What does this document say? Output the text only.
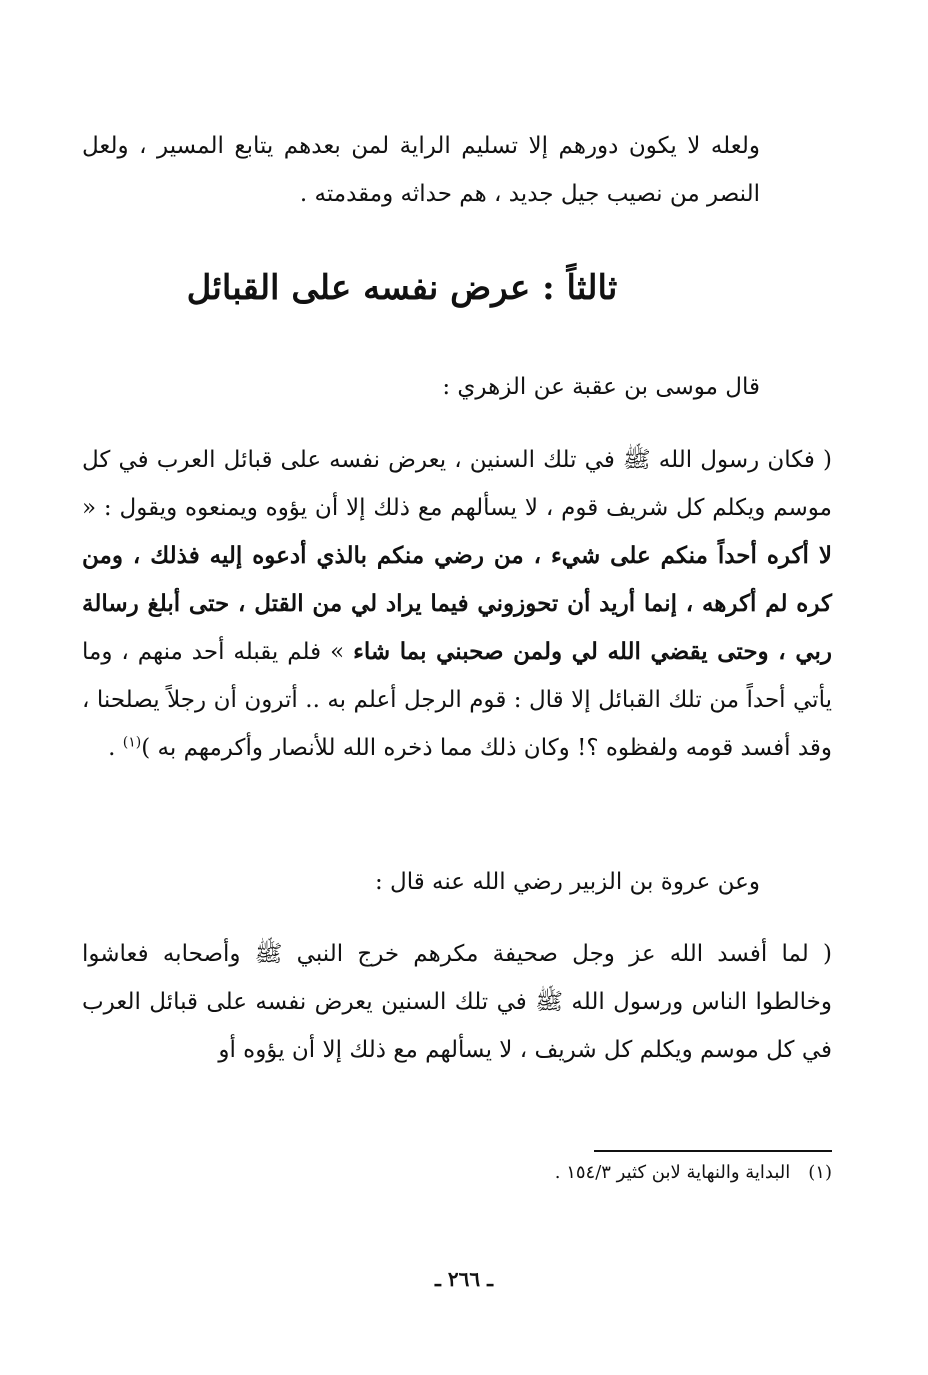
ولعله لا يكون دورهم إلا تسليم الراية لمن بعدهم يتابع المسير ، ولعل النصر من نصيب جيل جديد ، هم حداثه ومقدمته .
ثالثاً : عرض نفسه على القبائل
قال موسى بن عقبة عن الزهري :
( فكان رسول الله ﷺ في تلك السنين ، يعرض نفسه على قبائل العرب في كل موسم ويكلم كل شريف قوم ، لا يسألهم مع ذلك إلا أن يؤوه ويمنعوه ويقول : « لا أكره أحداً منكم على شيء ، من رضي منكم بالذي أدعوه إليه فذلك ، ومن كره لم أكرهه ، إنما أريد أن تحوزوني فيما يراد لي من القتل ، حتى أبلغ رسالة ربي ، وحتى يقضي الله لي ولمن صحبني بما شاء » فلم يقبله أحد منهم ، وما يأتي أحداً من تلك القبائل إلا قال : قوم الرجل أعلم به .. أترون أن رجلاً يصلحنا ، وقد أفسد قومه ولفظوه ؟! وكان ذلك مما ذخره الله للأنصار وأكرمهم به )$^{(١)}$ .
وعن عروة بن الزبير رضي الله عنه قال :
( لما أفسد الله عز وجل صحيفة مكرهم خرج النبي ﷺ وأصحابه فعاشوا وخالطوا الناس ورسول الله ﷺ في تلك السنين يعرض نفسه على قبائل العرب في كل موسم ويكلم كل شريف ، لا يسألهم مع ذلك إلا أن يؤوه أو
(١)البداية والنهاية لابن كثير ١٥٤/٣ .
ـ ٢٦٦ ـ
